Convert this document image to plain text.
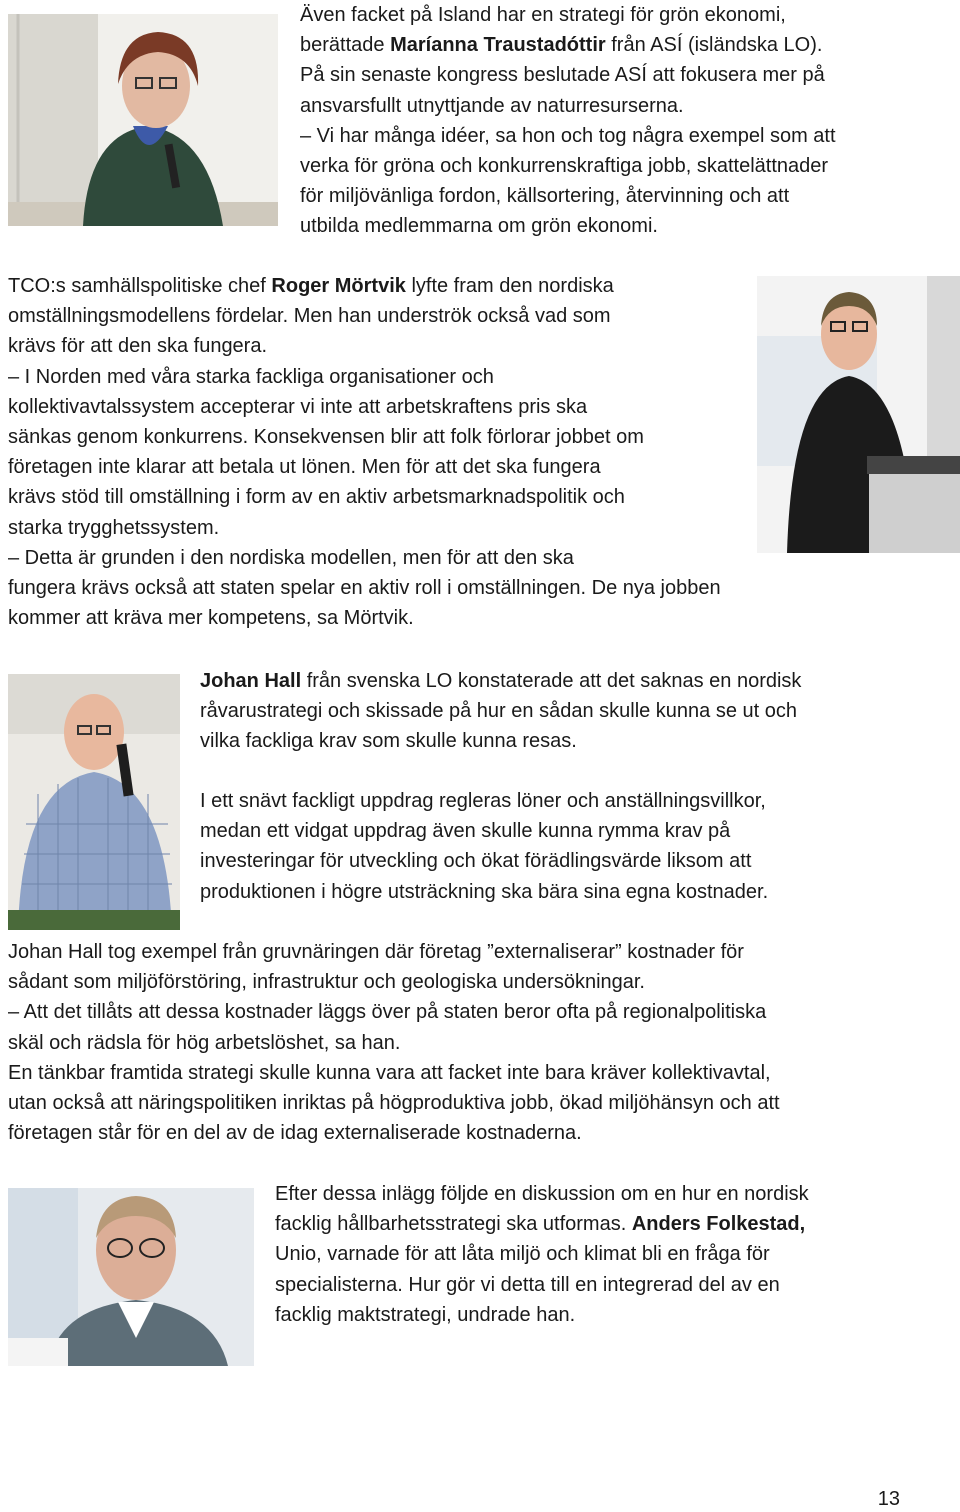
Även facket på Island har en strategi för grön ekonomi,

berättade Maríanna Traustadóttir från ASÍ (isländska LO).

På sin senaste kongress beslutade ASÍ att fokusera mer på

ansvarsfullt utnyttjande av naturresurserna.

– Vi har många idéer, sa hon och tog några exempel som att

verka för gröna och konkurrenskraftiga jobb, skattelättnader

för miljövänliga fordon, källsortering, återvinning och att

utbilda medlemmarna om grön ekonomi.

TCO:s samhällspolitiske chef Roger Mörtvik lyfte fram den nordiska

omställningsmodellens fördelar. Men han underströk också vad som

krävs för att den ska fungera.

– I Norden med våra starka fackliga organisationer och

kollektivavtalssystem accepterar vi inte att arbetskraftens pris ska

sänkas genom konkurrens. Konsekvensen blir att folk förlorar jobbet om

företagen inte klarar att betala ut lönen. Men för att det ska fungera

krävs stöd till omställning i form av en aktiv arbetsmarknadspolitik och

starka trygghetssystem.

– Detta är grunden i den nordiska modellen, men för att den ska

fungera krävs också att staten spelar en aktiv roll i omställningen. De nya jobben

kommer att kräva mer kompetens, sa Mörtvik.

Johan Hall från svenska LO konstaterade att det saknas en nordisk

råvarustrategi och skissade på hur en sådan skulle kunna se ut och

vilka fackliga krav som skulle kunna resas.

I ett snävt fackligt uppdrag regleras löner och anställningsvillkor,

medan ett vidgat uppdrag även skulle kunna rymma krav på

investeringar för utveckling och ökat förädlingsvärde liksom att

produktionen i högre utsträckning ska bära sina egna kostnader.

Johan Hall tog exempel från gruvnäringen där företag ”externaliserar” kostnader för

sådant som miljöförstöring, infrastruktur och geologiska undersökningar.

– Att det tillåts att dessa kostnader läggs över på staten beror ofta på regionalpolitiska

skäl och rädsla för hög arbetslöshet, sa han.

En tänkbar framtida strategi skulle kunna vara att facket inte bara kräver kollektivavtal,

utan också att näringspolitiken inriktas på högproduktiva jobb, ökad miljöhänsyn och att

företagen står för en del av de idag externaliserade kostnaderna.

Efter dessa inlägg följde en diskussion om en hur en nordisk

facklig hållbarhetsstrategi ska utformas. Anders Folkestad,

Unio, varnade för att låta miljö och klimat bli en fråga för

specialisterna. Hur gör vi detta till en integrerad del av en

facklig maktstrategi, undrade han.

13
